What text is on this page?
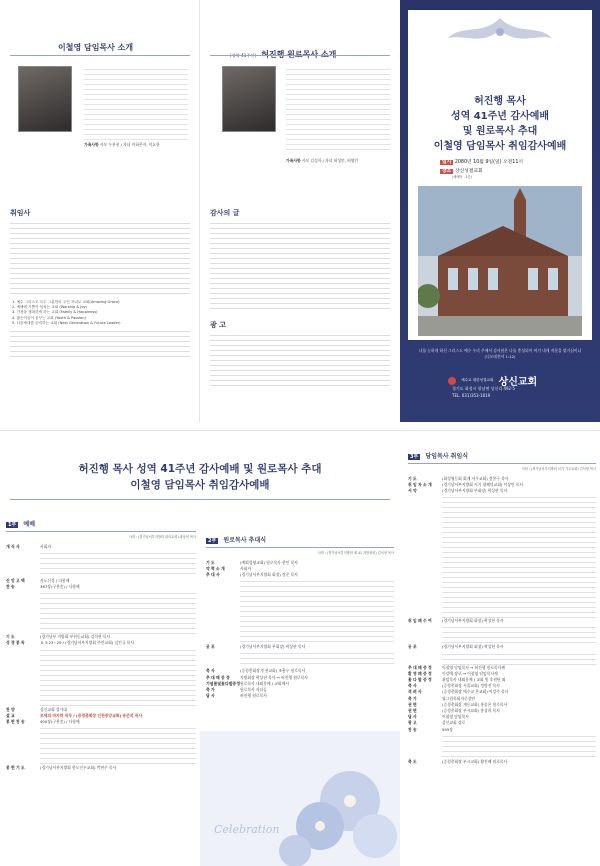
이철영 담임목사 소개
가족사항 사모 우찬선 / 자녀 이하은자, 이요한
취임사
1. 예수 그리스도 모두 그분만의 주인 자녀로 교회(Amazing Grace)
2. 예배에 기쁨이 넘치는 교회 (Worship & Joy)
3. 가정을 행복하게 하는 교회 (Family & Happiness)
4. 젊은이들이 꿈꾸는 교회 (Youth & Passion)
5. 다음세대를 준비하는 교회 (Next Generation & Future Leader)
가족사항 사모 김성자 / 자녀 허성민, 허영민
감사의 글
광 고
허진행 목사
성역 41주년 감사예배
및 원로목사 추대
이철영 담임목사 취임감사예배
일시 2080년 10월 9일(일) 오전11시
장소 상신성결교회
(예배당 - 1층)
나를 능하게 하신 그리스도 예수 우리 주께서 감사함은 나를 충성되이 여겨 내게 직분을 맡기심이니 (디모데전서 1:12)
예수교 대한성결교회 상신교회
경기도 화성시 향남면 상신리 492-5
TEL. 031)353-1819
허진행 목사 성역 41주년 감사예배 및 원로목사 추대
이철영 담임목사 취임감사예배
1부 예배
사회 : (경기남서부지방회 내리교회) 곽상현 목사
개 식 사	사회자
신 앙 고 백	사도신경 / 다함께
찬 송	367장(구찬송) / 다함께
기 도	(경기남부 지방회 부천동교회) 김석현 목사
성 경 봉 독	요 3:23~29 / (경기남서부지방회 주안교회) 김인규 목사
찬 양	상신교회 성가대
설 교	모세의 마지막 직무 / (증경총회장 인천중앙교회) 송준석 목사
봉 헌 찬 송	400장(구찬송) / 다함께
봉 헌 기 도	(경기남서부지방회 한도인우교회) 박현주 목사
2부 원로목사 추대식
사회 : (경기남서부지방회 제 41 지방장회) 김석정 목사
기 도	(예외성평교회) 원로목사 한인 목사
약 력 소 개	사회자
추 대 사	(경기남서부지방회 회장) 정준 목사
공 포	(경기남서부지방회 부회장) 곽상현 목사
축 사	(증경총회장 인천교회) 조용우 원로목사
추 대 패 증 정	지방회장 곽상현 목사 → 허진행 원로목사
기 념 품 및 꽃 다 발 증 정원로목사 내외분께 / 교회에서
축 가	원로목사 자녀들
답 사	허진행 원로목사
Celebration
3부 담임목사 취임식
사회 : (경기남서부지방회 서기 거주교회) 김석영 목사
기 도	(화성영등회 회계 서무교회) 정봉구 목사
취 임 자 소 개	(경기남서부지방회 서기 광해덕교회) 이상민 목사
서 약	(경기남서부지방회 부회장) 곽상현 목사
취 임 패 수 여	(경기남서부지방회 회장) 곽상현 목사
공 포	(경기남서부지방회 회장) 곽상현 목사
추 대 패 증 정	이철영 담임목사 → 허진행 원로목사께
환 영 패 증 정	이강애 장로 → 이철영 담임목사께
꽃 다 발 증 정	취임목사 내외분께 / 교회 및 후원단 외
축 사	(증경총회장 서울교회) 정병진 목사
격 려 사	(증경총회장 예수교 본교회) 이강주 목사
축 가	필그림목회자중창단
권 면	(증경총회장 계동교회) 홍종은 원로목사
권 면	(증경총회장 부시교회) 홍상희 목사
답 사	이철영 담임목사
광 고	상신교회 장로
찬 송	595장
축 도	(증경총회장 부시교회) 황진배 원로목사
